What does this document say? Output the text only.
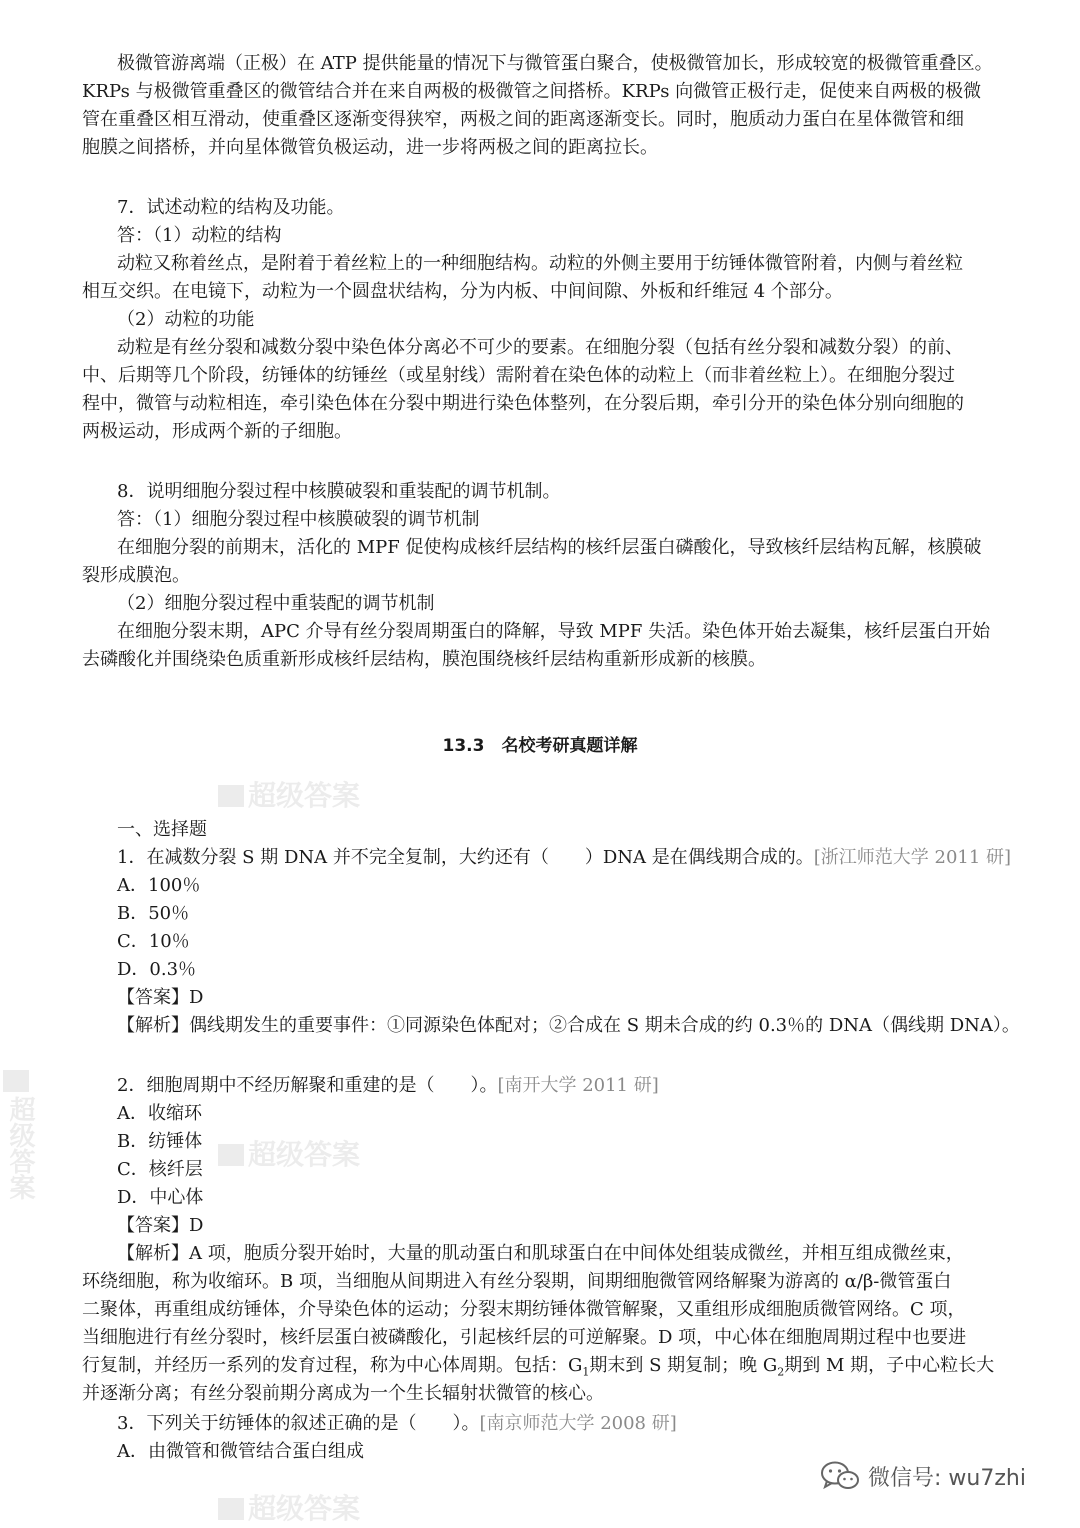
极微管游离端（正极）在 ATP 提供能量的情况下与微管蛋白聚合，使极微管加长，形成较宽的极微管重叠区。
KRPs 与极微管重叠区的微管结合并在来自两极的极微管之间搭桥。KRPs 向微管正极行走，促使来自两极的极微
管在重叠区相互滑动，使重叠区逐渐变得狭窄，两极之间的距离逐渐变长。同时，胞质动力蛋白在星体微管和细
胞膜之间搭桥，并向星体微管负极运动，进一步将两极之间的距离拉长。
7．试述动粒的结构及功能。
答：（1）动粒的结构
动粒又称着丝点，是附着于着丝粒上的一种细胞结构。动粒的外侧主要用于纺锤体微管附着，内侧与着丝粒
相互交织。在电镜下，动粒为一个圆盘状结构，分为内板、中间间隙、外板和纤维冠 4 个部分。
（2）动粒的功能
动粒是有丝分裂和减数分裂中染色体分离必不可少的要素。在细胞分裂（包括有丝分裂和减数分裂）的前、
中、后期等几个阶段，纺锤体的纺锤丝（或星射线）需附着在染色体的动粒上（而非着丝粒上）。在细胞分裂过
程中，微管与动粒相连，牵引染色体在分裂中期进行染色体整列，在分裂后期，牵引分开的染色体分别向细胞的
两极运动，形成两个新的子细胞。
8．说明细胞分裂过程中核膜破裂和重装配的调节机制。
答：（1）细胞分裂过程中核膜破裂的调节机制
在细胞分裂的前期末，活化的 MPF 促使构成核纤层结构的核纤层蛋白磷酸化，导致核纤层结构瓦解，核膜破
裂形成膜泡。
（2）细胞分裂过程中重装配的调节机制
在细胞分裂末期，APC 介导有丝分裂周期蛋白的降解，导致 MPF 失活。染色体开始去凝集，核纤层蛋白开始
去磷酸化并围绕染色质重新形成核纤层结构，膜泡围绕核纤层结构重新形成新的核膜。
13.3　名校考研真题详解
超级答案
超级答案
超级答案
超级答案
一、选择题
1．在减数分裂 S 期 DNA 并不完全复制，大约还有（　　）DNA 是在偶线期合成的。[浙江师范大学 2011 研]
A．100％
B．50％
C．10％
D．0.3％
【答案】D
【解析】偶线期发生的重要事件：①同源染色体配对；②合成在 S 期未合成的约 0.3％的 DNA（偶线期 DNA）。
2．细胞周期中不经历解聚和重建的是（　　）。[南开大学 2011 研]
A．收缩环
B．纺锤体
C．核纤层
D．中心体
【答案】D
【解析】A 项，胞质分裂开始时，大量的肌动蛋白和肌球蛋白在中间体处组装成微丝，并相互组成微丝束，
环绕细胞，称为收缩环。B 项，当细胞从间期进入有丝分裂期，间期细胞微管网络解聚为游离的 α/β-微管蛋白
二聚体，再重组成纺锤体，介导染色体的运动；分裂末期纺锤体微管解聚，又重组形成细胞质微管网络。C 项，
当细胞进行有丝分裂时，核纤层蛋白被磷酸化，引起核纤层的可逆解聚。D 项，中心体在细胞周期过程中也要进
行复制，并经历一系列的发育过程，称为中心体周期。包括：$G_1$期末到 S 期复制；晚 $G_2$期到 M 期，子中心粒长大
并逐渐分离；有丝分裂前期分离成为一个生长辐射状微管的核心。
3．下列关于纺锤体的叙述正确的是（　　）。[南京师范大学 2008 研]
A．由微管和微管结合蛋白组成
微信号: wu7zhi
